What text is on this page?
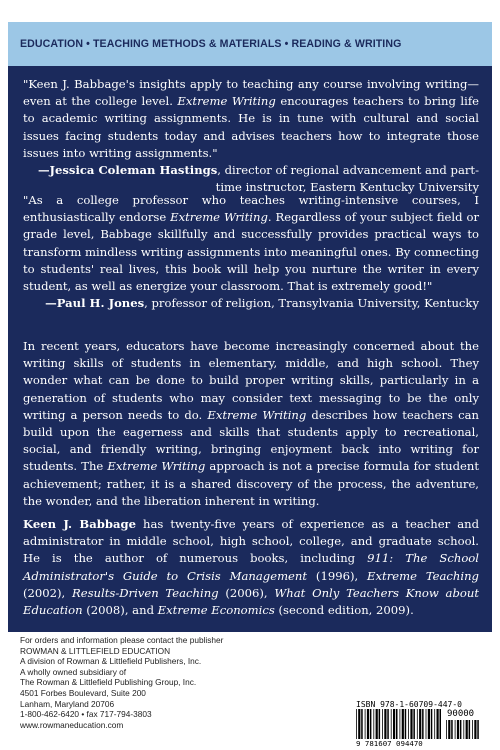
EDUCATION • TEACHING METHODS & MATERIALS • READING & WRITING

"Keen J. Babbage's insights apply to teaching any course involving writing—even at the college level. Extreme Writing encourages teachers to bring life to academic writing assignments. He is in tune with cultural and social issues facing students today and advises teachers how to integrate those issues into writing assignments."

—Jessica Coleman Hastings, director of regional advancement and part-time instructor, Eastern Kentucky University

"As a college professor who teaches writing-intensive courses, I enthusiastically endorse Extreme Writing. Regardless of your subject field or grade level, Babbage skillfully and successfully provides practical ways to transform mindless writing assignments into meaningful ones. By connecting to students' real lives, this book will help you nurture the writer in every student, as well as energize your classroom. That is extremely good!"

—Paul H. Jones, professor of religion, Transylvania University, Kentucky

In recent years, educators have become increasingly concerned about the writing skills of students in elementary, middle, and high school. They wonder what can be done to build proper writing skills, particularly in a generation of students who may consider text messaging to be the only writing a person needs to do. Extreme Writing describes how teachers can build upon the eagerness and skills that students apply to recreational, social, and friendly writing, bringing enjoyment back into writing for students. The Extreme Writing approach is not a precise formula for student achievement; rather, it is a shared discovery of the process, the adventure, the wonder, and the liberation inherent in writing.

Keen J. Babbage has twenty-five years of experience as a teacher and administrator in middle school, high school, college, and graduate school. He is the author of numerous books, including 911: The School Administrator's Guide to Crisis Management (1996), Extreme Teaching (2002), Results-Driven Teaching (2006), What Only Teachers Know about Education (2008), and Extreme Economics (second edition, 2009).

For orders and information please contact the publisher
ROWMAN & LITTLEFIELD EDUCATION
A division of Rowman & Littlefield Publishers, Inc.
A wholly owned subsidiary of
The Rowman & Littlefield Publishing Group, Inc.
4501 Forbes Boulevard, Suite 200
Lanham, Maryland 20706
1-800-462-6420 • fax 717-794-3803
www.rowmaneducation.com
ISBN 978-1-60709-447-0
90000
9 781607 094470
